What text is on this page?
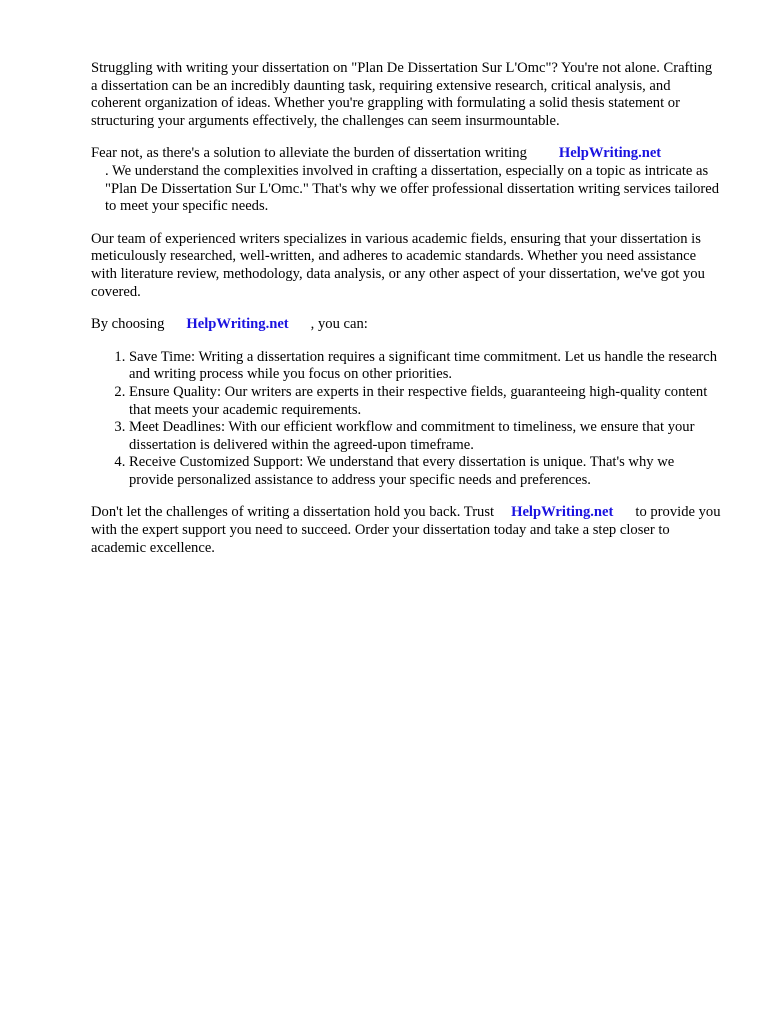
Struggling with writing your dissertation on "Plan De Dissertation Sur L'Omc"? You're not alone. Crafting a dissertation can be an incredibly daunting task, requiring extensive research, critical analysis, and coherent organization of ideas. Whether you're grappling with formulating a solid thesis statement or structuring your arguments effectively, the challenges can seem insurmountable.

Fear not, as there's a solution to alleviate the burden of dissertation writing HelpWriting.net
. We understand the complexities involved in crafting a dissertation, especially on a topic as intricate as "Plan De Dissertation Sur L'Omc." That's why we offer professional dissertation writing services tailored to meet your specific needs.

Our team of experienced writers specializes in various academic fields, ensuring that your dissertation is meticulously researched, well-written, and adheres to academic standards. Whether you need assistance with literature review, methodology, data analysis, or any other aspect of your dissertation, we've got you covered.

By choosing HelpWriting.net , you can:

1. Save Time: Writing a dissertation requires a significant time commitment. Let us handle the research and writing process while you focus on other priorities.
2. Ensure Quality: Our writers are experts in their respective fields, guaranteeing high-quality content that meets your academic requirements.
3. Meet Deadlines: With our efficient workflow and commitment to timeliness, we ensure that your dissertation is delivered within the agreed-upon timeframe.
4. Receive Customized Support: We understand that every dissertation is unique. That's why we provide personalized assistance to address your specific needs and preferences.

Don't let the challenges of writing a dissertation hold you back. Trust HelpWriting.net to provide you with the expert support you need to succeed. Order your dissertation today and take a step closer to academic excellence.
